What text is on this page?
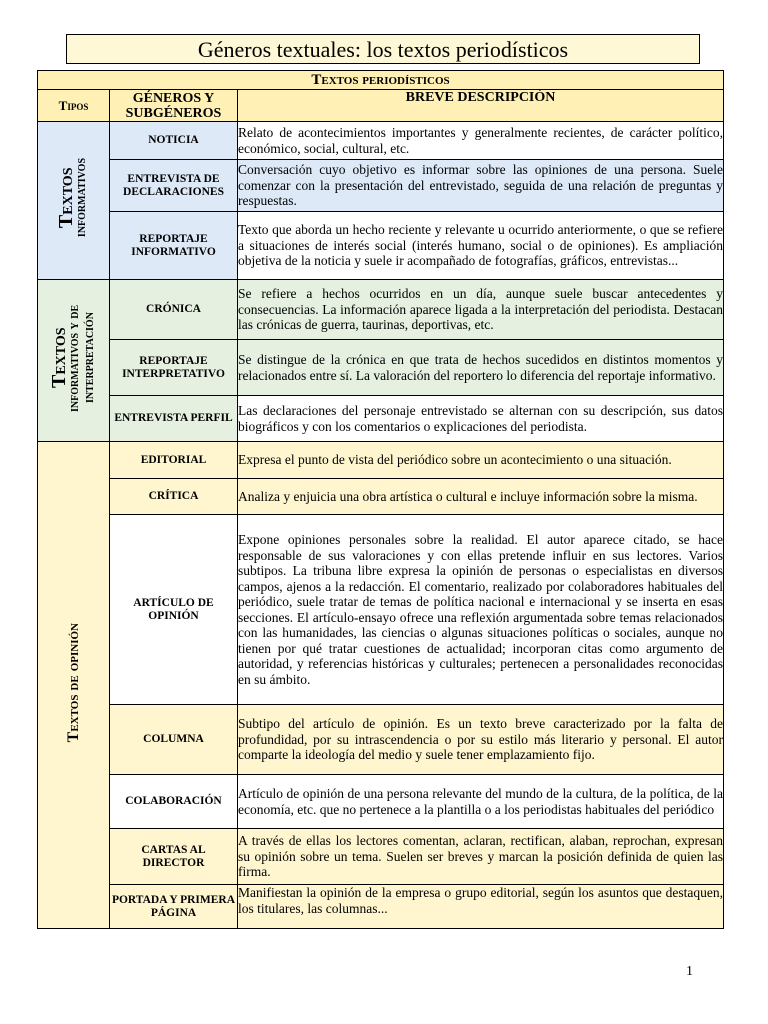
Géneros textuales: los textos periodísticos
Textos periodísticos		
Tipos	GÉNEROS Y SUBGÉNEROS	BREVE DESCRIPCIÓN
Textos
informativos	NOTICIA	Relato de acontecimientos importantes y generalmente recientes, de carácter político, económico, social, cultural, etc.
	ENTREVISTA DE DECLARACIONES	Conversación cuyo objetivo es informar sobre las opiniones de una persona. Suele comenzar con la presentación del entrevistado, seguida de una relación de preguntas y respuestas.
	REPORTAJE INFORMATIVO	Texto que aborda un hecho reciente y relevante u ocurrido anteriormente, o que se refiere a situaciones de interés social (interés humano, social o de opiniones). Es ampliación objetiva de la noticia y suele ir acompañado de fotografías, gráficos, entrevistas...
Textos
informativos y de interpretación	CRÓNICA	Se refiere a hechos ocurridos en un día, aunque suele buscar antecedentes y consecuencias. La información aparece ligada a la interpretación del periodista. Destacan las crónicas de guerra, taurinas, deportivas, etc.
	REPORTAJE INTERPRETATIVO	Se distingue de la crónica en que trata de hechos sucedidos en distintos momentos y relacionados entre sí. La valoración del reportero lo diferencia del reportaje informativo.
	ENTREVISTA PERFIL	Las declaraciones del personaje entrevistado se alternan con su descripción, sus datos biográficos y con los comentarios o explicaciones del periodista.
Textos de opinión	EDITORIAL	Expresa el punto de vista del periódico sobre un acontecimiento o una situación.
	CRÍTICA	Analiza y enjuicia una obra artística o cultural e incluye información sobre la misma.
	ARTÍCULO DE OPINIÓN	Expone opiniones personales sobre la realidad. El autor aparece citado, se hace responsable de sus valoraciones y con ellas pretende influir en sus lectores. Varios subtipos. La tribuna libre expresa la opinión de personas o especialistas en diversos campos, ajenos a la redacción. El comentario, realizado por colaboradores habituales del periódico, suele tratar de temas de política nacional e internacional y se inserta en esas secciones. El artículo-ensayo ofrece una reflexión argumentada sobre temas relacionados con las humanidades, las ciencias o algunas situaciones políticas o sociales, aunque no tienen por qué tratar cuestiones de actualidad; incorporan citas como argumento de autoridad, y referencias históricas y culturales; pertenecen a personalidades reconocidas en su ámbito.
	COLUMNA	Subtipo del artículo de opinión. Es un texto breve caracterizado por la falta de profundidad, por su intrascendencia o por su estilo más literario y personal. El autor comparte la ideología del medio y suele tener emplazamiento fijo.
	COLABORACIÓN	Artículo de opinión de una persona relevante del mundo de la cultura, de la política, de la economía, etc. que no pertenece a la plantilla o a los periodistas habituales del periódico
	CARTAS AL DIRECTOR	A través de ellas los lectores comentan, aclaran, rectifican, alaban, reprochan, expresan su opinión sobre un tema. Suelen ser breves y marcan la posición definida de quien las firma.
	PORTADA Y PRIMERA PÁGINA	Manifiestan la opinión de la empresa o grupo editorial, según los asuntos que destaquen, los titulares, las columnas...
1
